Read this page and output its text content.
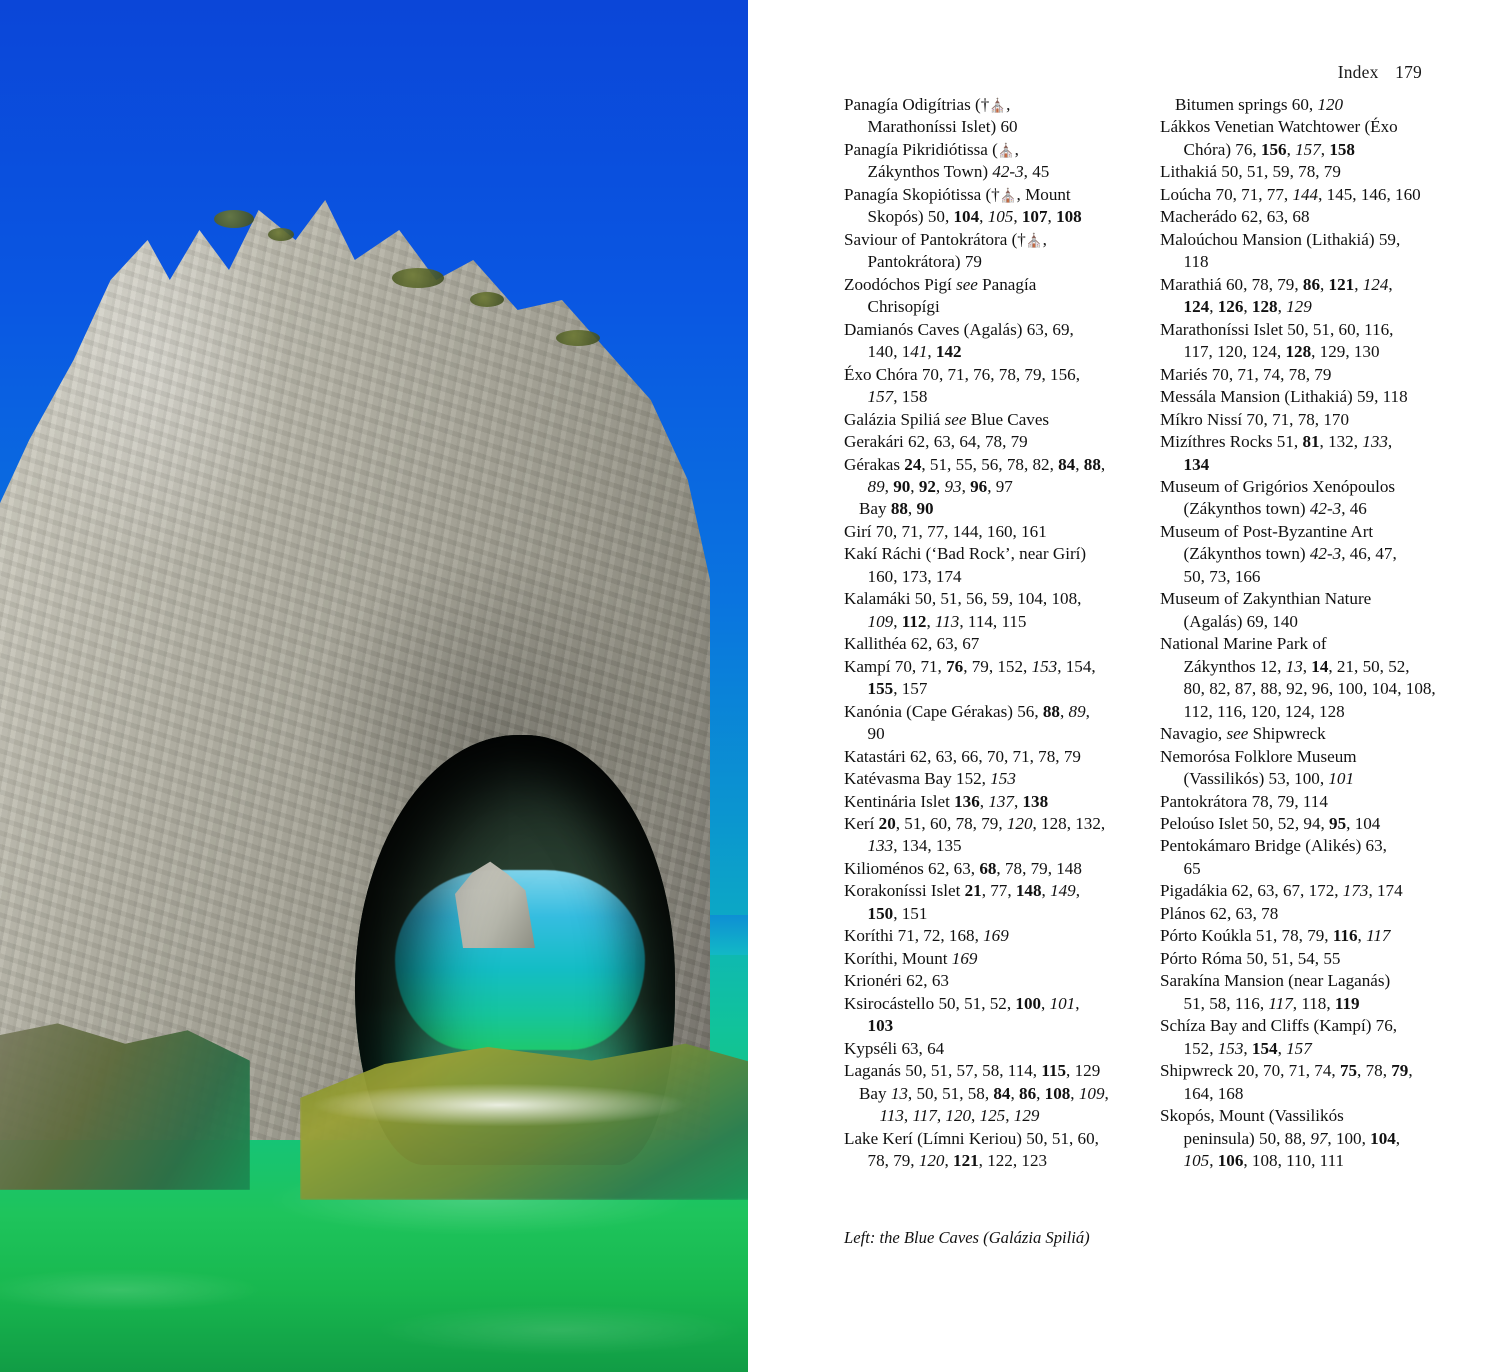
Index 179

Panagía Odigítrias (†⛪,
Marathoníssi Islet) 60

Panagía Pikridiótissa (⛪,
Zákynthos Town) 42-3, 45

Panagía Skopiótissa (†⛪, Mount
Skopós) 50, 104, 105, 107, 108

Saviour of Pantokrátora (†⛪,
Pantokrátora) 79

Zoodóchos Pigí see Panagía
Chrisopígi

Damianós Caves (Agalás) 63, 69,
140, 141, 142

Éxo Chóra 70, 71, 76, 78, 79, 156,
157, 158

Galázia Spiliá see Blue Caves

Gerakári 62, 63, 64, 78, 79

Gérakas 24, 51, 55, 56, 78, 82, 84, 88,
89, 90, 92, 93, 96, 97

Bay 88, 90

Girí 70, 71, 77, 144, 160, 161

Kakí Ráchi (‘Bad Rock’, near Girí)
160, 173, 174

Kalamáki 50, 51, 56, 59, 104, 108,
109, 112, 113, 114, 115

Kallithéa 62, 63, 67

Kampí 70, 71, 76, 79, 152, 153, 154,
155, 157

Kanónia (Cape Gérakas) 56, 88, 89,
90

Katastári 62, 63, 66, 70, 71, 78, 79

Katévasma Bay 152, 153

Kentinária Islet 136, 137, 138

Kerí 20, 51, 60, 78, 79, 120, 128, 132,
133, 134, 135

Kilioménos 62, 63, 68, 78, 79, 148

Korakoníssi Islet 21, 77, 148, 149,
150, 151

Koríthi 71, 72, 168, 169

Koríthi, Mount 169

Krionéri 62, 63

Ksirocástello 50, 51, 52, 100, 101,
103

Kypséli 63, 64

Laganás 50, 51, 57, 58, 114, 115, 129

Bay 13, 50, 51, 58, 84, 86, 108, 109,
113, 117, 120, 125, 129

Lake Kerí (Límni Keriou) 50, 51, 60,
78, 79, 120, 121, 122, 123

Bitumen springs 60, 120

Lákkos Venetian Watchtower (Éxo
Chóra) 76, 156, 157, 158

Lithakiá 50, 51, 59, 78, 79

Loúcha 70, 71, 77, 144, 145, 146, 160

Macherádo 62, 63, 68

Maloúchou Mansion (Lithakiá) 59,
118

Marathiá 60, 78, 79, 86, 121, 124,
124, 126, 128, 129

Marathoníssi Islet 50, 51, 60, 116,
117, 120, 124, 128, 129, 130

Mariés 70, 71, 74, 78, 79

Messála Mansion (Lithakiá) 59, 118

Míkro Nissí 70, 71, 78, 170

Mizíthres Rocks 51, 81, 132, 133,
134

Museum of Grigórios Xenópoulos
(Zákynthos town) 42-3, 46

Museum of Post-Byzantine Art
(Zákynthos town) 42-3, 46, 47,
50, 73, 166

Museum of Zakynthian Nature
(Agalás) 69, 140

National Marine Park of
Zákynthos 12, 13, 14, 21, 50, 52,
80, 82, 87, 88, 92, 96, 100, 104, 108,
112, 116, 120, 124, 128

Navagio, see Shipwreck

Nemorósa Folklore Museum
(Vassilikós) 53, 100, 101

Pantokrátora 78, 79, 114

Peloúso Islet 50, 52, 94, 95, 104

Pentokámaro Bridge (Alikés) 63,
65

Pigadákia 62, 63, 67, 172, 173, 174

Plános 62, 63, 78

Pórto Koúkla 51, 78, 79, 116, 117

Pórto Róma 50, 51, 54, 55

Sarakína Mansion (near Laganás)
51, 58, 116, 117, 118, 119

Schíza Bay and Cliffs (Kampí) 76,
152, 153, 154, 157

Shipwreck 20, 70, 71, 74, 75, 78, 79,
164, 168

Skopós, Mount (Vassilikós
peninsula) 50, 88, 97, 100, 104,
105, 106, 108, 110, 111

Left: the Blue Caves (Galázia Spiliá)
